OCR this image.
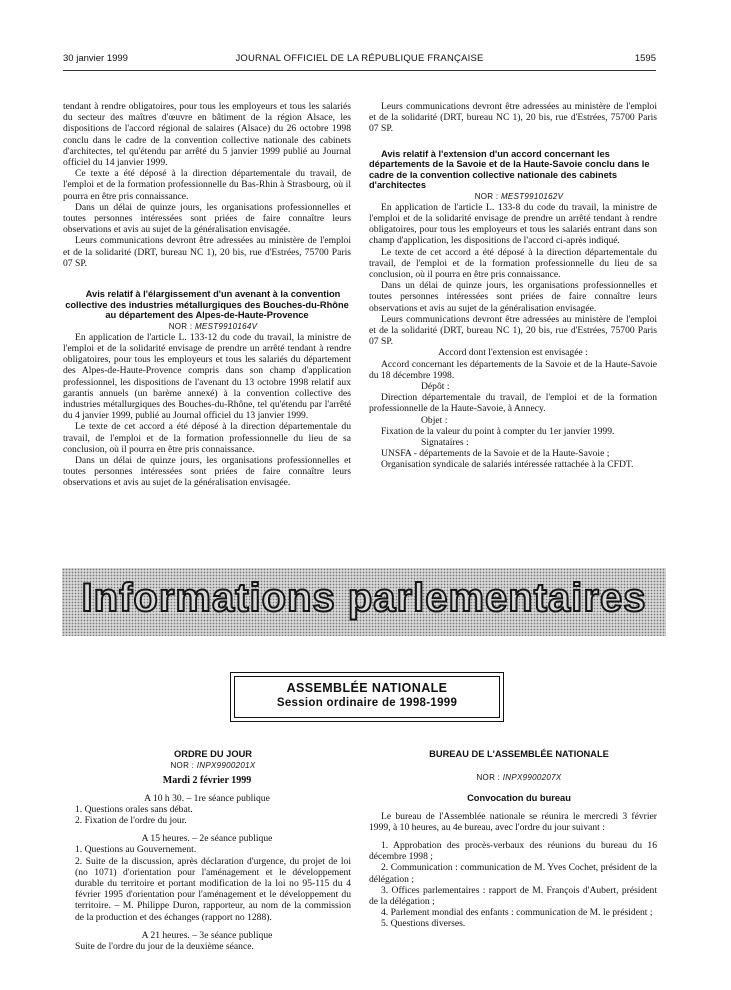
30 janvier 1999	JOURNAL OFFICIEL DE LA RÉPUBLIQUE FRANÇAISE	1595

tendant à rendre obligatoires, pour tous les employeurs et tous les salariés du secteur des maîtres d'œuvre en bâtiment de la région Alsace, les dispositions de l'accord régional de salaires (Alsace) du 26 octobre 1998 conclu dans le cadre de la convention collective nationale des cabinets d'architectes, tel qu'étendu par arrêté du 5 janvier 1999 publié au Journal officiel du 14 janvier 1999.

Ce texte a été déposé à la direction départementale du travail, de l'emploi et de la formation professionnelle du Bas-Rhin à Strasbourg, où il pourra en être pris connaissance.

Dans un délai de quinze jours, les organisations professionnelles et toutes personnes intéressées sont priées de faire connaître leurs observations et avis au sujet de la généralisation envisagée.

Leurs communications devront être adressées au ministère de l'emploi et de la solidarité (DRT, bureau NC 1), 20 bis, rue d'Estrées, 75700 Paris 07 SP.

Avis relatif à l'élargissement d'un avenant à la convention collective des industries métallurgiques des Bouches-du-Rhône au département des Alpes-de-Haute-Provence

NOR : MEST9910164V

En application de l'article L. 133-12 du code du travail, la ministre de l'emploi et de la solidarité envisage de prendre un arrêté tendant à rendre obligatoires, pour tous les employeurs et tous les salariés du département des Alpes-de-Haute-Provence compris dans son champ d'application professionnel, les dispositions de l'avenant du 13 octobre 1998 relatif aux garantis annuels (un barème annexé) à la convention collective des industries métallurgiques des Bouches-du-Rhône, tel qu'étendu par l'arrêté du 4 janvier 1999, publié au Journal officiel du 13 janvier 1999.

Le texte de cet accord a été déposé à la direction départementale du travail, de l'emploi et de la formation professionnelle du lieu de sa conclusion, où il pourra en être pris connaissance.

Dans un délai de quinze jours, les organisations professionnelles et toutes personnes intéressées sont priées de faire connaître leurs observations et avis au sujet de la généralisation envisagée.

Leurs communications devront être adressées au ministère de l'emploi et de la solidarité (DRT, bureau NC 1), 20 bis, rue d'Estrées, 75700 Paris 07 SP.

Avis relatif à l'extension d'un accord concernant les départements de la Savoie et de la Haute-Savoie conclu dans le cadre de la convention collective nationale des cabinets d'architectes

NOR : MEST9910162V

En application de l'article L. 133-8 du code du travail, la ministre de l'emploi et de la solidarité envisage de prendre un arrêté tendant à rendre obligatoires, pour tous les employeurs et tous les salariés entrant dans son champ d'application, les dispositions de l'accord ci-après indiqué.

Le texte de cet accord a été déposé à la direction départementale du travail, de l'emploi et de la formation professionnelle du lieu de sa conclusion, où il pourra en être pris connaissance.

Dans un délai de quinze jours, les organisations professionnelles et toutes personnes intéressées sont priées de faire connaître leurs observations et avis au sujet de la généralisation envisagée.

Leurs communications devront être adressées au ministère de l'emploi et de la solidarité (DRT, bureau NC 1), 20 bis, rue d'Estrées, 75700 Paris 07 SP.

Accord dont l'extension est envisagée :

Accord concernant les départements de la Savoie et de la Haute-Savoie du 18 décembre 1998.

Dépôt :

Direction départementale du travail, de l'emploi et de la formation professionnelle de la Haute-Savoie, à Annecy.

Objet :

Fixation de la valeur du point à compter du 1er janvier 1999.

Signataires :

UNSFA - départements de la Savoie et de la Haute-Savoie ;

Organisation syndicale de salariés intéressée rattachée à la CFDT.

Informations parlementaires
ASSEMBLÉE NATIONALE
Session ordinaire de 1998-1999

ORDRE DU JOUR

NOR : INPX9900201X

Mardi 2 février 1999

A 10 h 30. – 1re séance publique

1. Questions orales sans débat.

2. Fixation de l'ordre du jour.

A 15 heures. – 2e séance publique

1. Questions au Gouvernement.

2. Suite de la discussion, après déclaration d'urgence, du projet de loi (no 1071) d'orientation pour l'aménagement et le développement durable du territoire et portant modification de la loi no 95-115 du 4 février 1995 d'orientation pour l'aménagement et le développement du territoire. – M. Philippe Duron, rapporteur, au nom de la commission de la production et des échanges (rapport no 1288).

A 21 heures. – 3e séance publique

Suite de l'ordre du jour de la deuxième séance.

BUREAU DE L'ASSEMBLÉE NATIONALE

NOR : INPX9900207X

Convocation du bureau

Le bureau de l'Assemblée nationale se réunira le mercredi 3 février 1999, à 10 heures, au 4e bureau, avec l'ordre du jour suivant :

1. Approbation des procès-verbaux des réunions du bureau du 16 décembre 1998 ;

2. Communication : communication de M. Yves Cochet, président de la délégation ;

3. Offices parlementaires : rapport de M. François d'Aubert, président de la délégation ;

4. Parlement mondial des enfants : communication de M. le président ;

5. Questions diverses.
